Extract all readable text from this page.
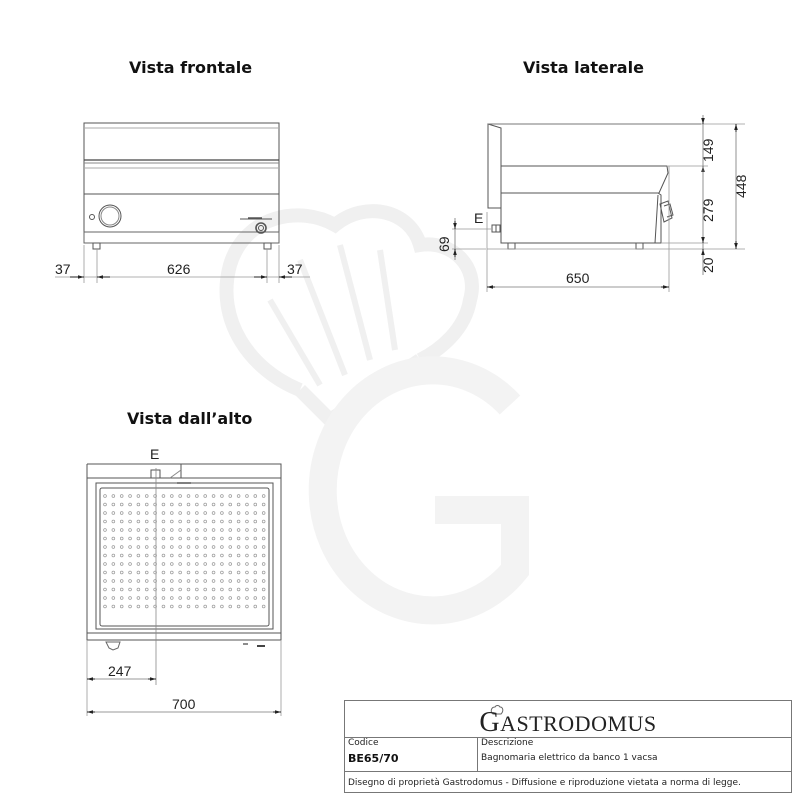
Vista frontale	Vista laterale
Vista dall’alto
37	626	37
149
279
448
20
69
650
E
E
247
700
GASTRODOMUS
Codice
BE65/70
Descrizione
Bagnomaria elettrico da banco 1 vacsa
Disegno di proprietà Gastrodomus - Diffusione e riproduzione vietata a norma di legge.
